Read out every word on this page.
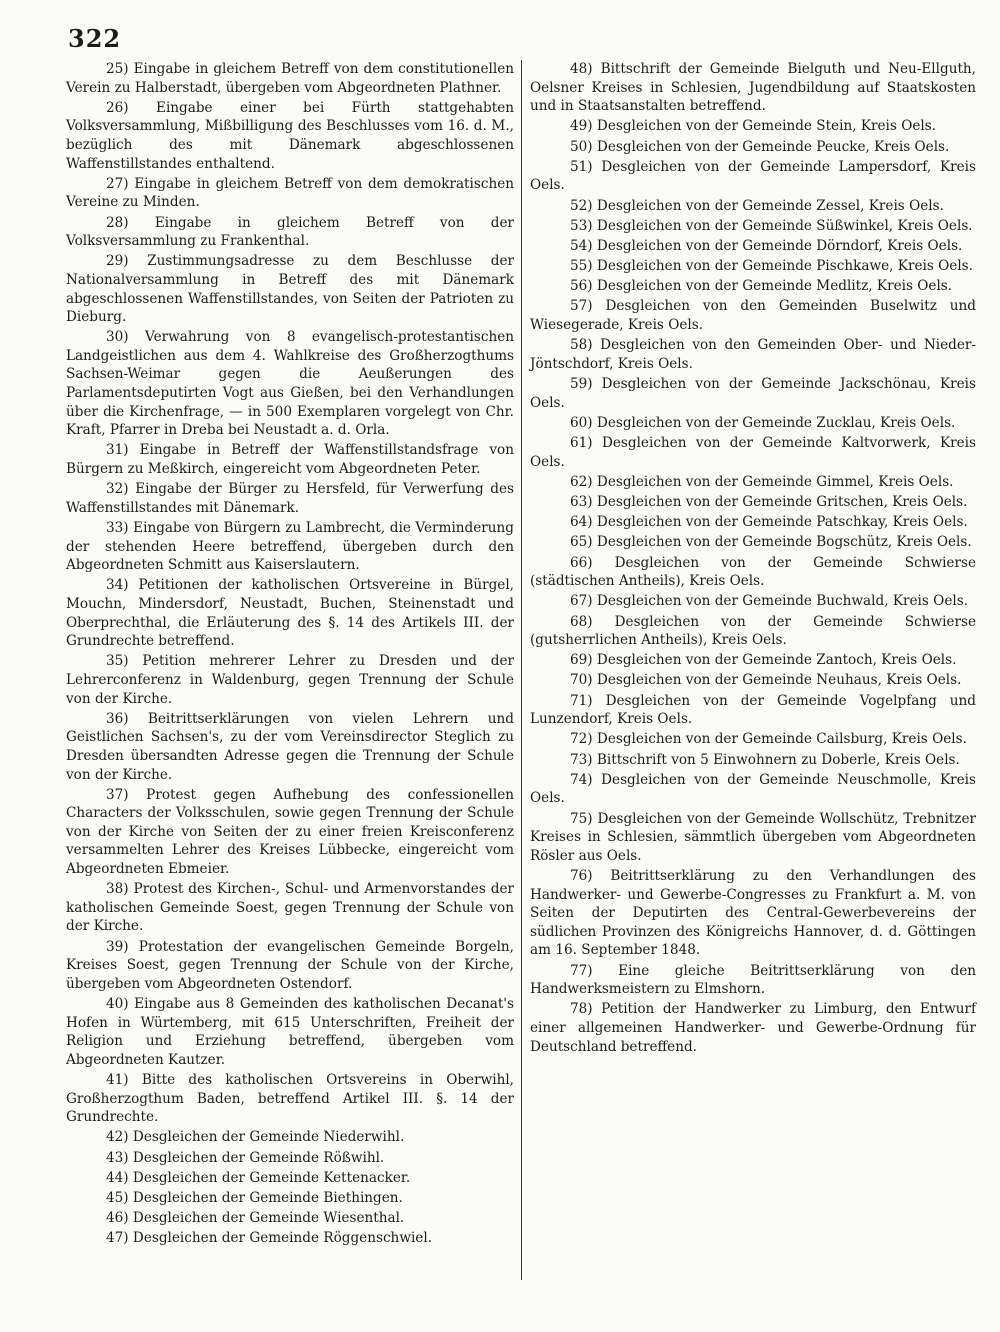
322

25) Eingabe in gleichem Betreff von dem constitutionellen Verein zu Halberstadt, übergeben vom Abgeordneten Plathner.

26) Eingabe einer bei Fürth stattgehabten Volksversammlung, Mißbilligung des Beschlusses vom 16. d. M., bezüglich des mit Dänemark abgeschlossenen Waffenstillstandes enthaltend.

27) Eingabe in gleichem Betreff von dem demokratischen Vereine zu Minden.

28) Eingabe in gleichem Betreff von der Volksversammlung zu Frankenthal.

29) Zustimmungsadresse zu dem Beschlusse der Nationalversammlung in Betreff des mit Dänemark abgeschlossenen Waffenstillstandes, von Seiten der Patrioten zu Dieburg.

30) Verwahrung von 8 evangelisch-protestantischen Landgeistlichen aus dem 4. Wahlkreise des Großherzogthums Sachsen-Weimar gegen die Aeußerungen des Parlamentsdeputirten Vogt aus Gießen, bei den Verhandlungen über die Kirchenfrage, — in 500 Exemplaren vorgelegt von Chr. Kraft, Pfarrer in Dreba bei Neustadt a. d. Orla.

31) Eingabe in Betreff der Waffenstillstandsfrage von Bürgern zu Meßkirch, eingereicht vom Abgeordneten Peter.

32) Eingabe der Bürger zu Hersfeld, für Verwerfung des Waffenstillstandes mit Dänemark.

33) Eingabe von Bürgern zu Lambrecht, die Verminderung der stehenden Heere betreffend, übergeben durch den Abgeordneten Schmitt aus Kaiserslautern.

34) Petitionen der katholischen Ortsvereine in Bürgel, Mouchn, Mindersdorf, Neustadt, Buchen, Steinenstadt und Oberprechthal, die Erläuterung des §. 14 des Artikels III. der Grundrechte betreffend.

35) Petition mehrerer Lehrer zu Dresden und der Lehrerconferenz in Waldenburg, gegen Trennung der Schule von der Kirche.

36) Beitrittserklärungen von vielen Lehrern und Geistlichen Sachsen's, zu der vom Vereinsdirector Steglich zu Dresden übersandten Adresse gegen die Trennung der Schule von der Kirche.

37) Protest gegen Aufhebung des confessionellen Characters der Volksschulen, sowie gegen Trennung der Schule von der Kirche von Seiten der zu einer freien Kreisconferenz versammelten Lehrer des Kreises Lübbecke, eingereicht vom Abgeordneten Ebmeier.

38) Protest des Kirchen-, Schul- und Armenvorstandes der katholischen Gemeinde Soest, gegen Trennung der Schule von der Kirche.

39) Protestation der evangelischen Gemeinde Borgeln, Kreises Soest, gegen Trennung der Schule von der Kirche, übergeben vom Abgeordneten Ostendorf.

40) Eingabe aus 8 Gemeinden des katholischen Decanat's Hofen in Würtemberg, mit 615 Unterschriften, Freiheit der Religion und Erziehung betreffend, übergeben vom Abgeordneten Kautzer.

41) Bitte des katholischen Ortsvereins in Oberwihl, Großherzogthum Baden, betreffend Artikel III. §. 14 der Grundrechte.

42) Desgleichen der Gemeinde Niederwihl.

43) Desgleichen der Gemeinde Rößwihl.

44) Desgleichen der Gemeinde Kettenacker.

45) Desgleichen der Gemeinde Biethingen.

46) Desgleichen der Gemeinde Wiesenthal.

47) Desgleichen der Gemeinde Röggenschwiel.

48) Bittschrift der Gemeinde Bielguth und Neu-Ellguth, Oelsner Kreises in Schlesien, Jugendbildung auf Staatskosten und in Staatsanstalten betreffend.

49) Desgleichen von der Gemeinde Stein, Kreis Oels.

50) Desgleichen von der Gemeinde Peucke, Kreis Oels.

51) Desgleichen von der Gemeinde Lampersdorf, Kreis Oels.

52) Desgleichen von der Gemeinde Zessel, Kreis Oels.

53) Desgleichen von der Gemeinde Süßwinkel, Kreis Oels.

54) Desgleichen von der Gemeinde Dörndorf, Kreis Oels.

55) Desgleichen von der Gemeinde Pischkawe, Kreis Oels.

56) Desgleichen von der Gemeinde Medlitz, Kreis Oels.

57) Desgleichen von den Gemeinden Buselwitz und Wiesegerade, Kreis Oels.

58) Desgleichen von den Gemeinden Ober- und Nieder-Jöntschdorf, Kreis Oels.

59) Desgleichen von der Gemeinde Jackschönau, Kreis Oels.

60) Desgleichen von der Gemeinde Zucklau, Kreis Oels.

61) Desgleichen von der Gemeinde Kaltvorwerk, Kreis Oels.

62) Desgleichen von der Gemeinde Gimmel, Kreis Oels.

63) Desgleichen von der Gemeinde Gritschen, Kreis Oels.

64) Desgleichen von der Gemeinde Patschkay, Kreis Oels.

65) Desgleichen von der Gemeinde Bogschütz, Kreis Oels.

66) Desgleichen von der Gemeinde Schwierse (städtischen Antheils), Kreis Oels.

67) Desgleichen von der Gemeinde Buchwald, Kreis Oels.

68) Desgleichen von der Gemeinde Schwierse (gutsherrlichen Antheils), Kreis Oels.

69) Desgleichen von der Gemeinde Zantoch, Kreis Oels.

70) Desgleichen von der Gemeinde Neuhaus, Kreis Oels.

71) Desgleichen von der Gemeinde Vogelpfang und Lunzendorf, Kreis Oels.

72) Desgleichen von der Gemeinde Cailsburg, Kreis Oels.

73) Bittschrift von 5 Einwohnern zu Doberle, Kreis Oels.

74) Desgleichen von der Gemeinde Neuschmolle, Kreis Oels.

75) Desgleichen von der Gemeinde Wollschütz, Trebnitzer Kreises in Schlesien, sämmtlich übergeben vom Abgeordneten Rösler aus Oels.

76) Beitrittserklärung zu den Verhandlungen des Handwerker- und Gewerbe-Congresses zu Frankfurt a. M. von Seiten der Deputirten des Central-Gewerbevereins der südlichen Provinzen des Königreichs Hannover, d. d. Göttingen am 16. September 1848.

77) Eine gleiche Beitrittserklärung von den Handwerksmeistern zu Elmshorn.

78) Petition der Handwerker zu Limburg, den Entwurf einer allgemeinen Handwerker- und Gewerbe-Ordnung für Deutschland betreffend.
